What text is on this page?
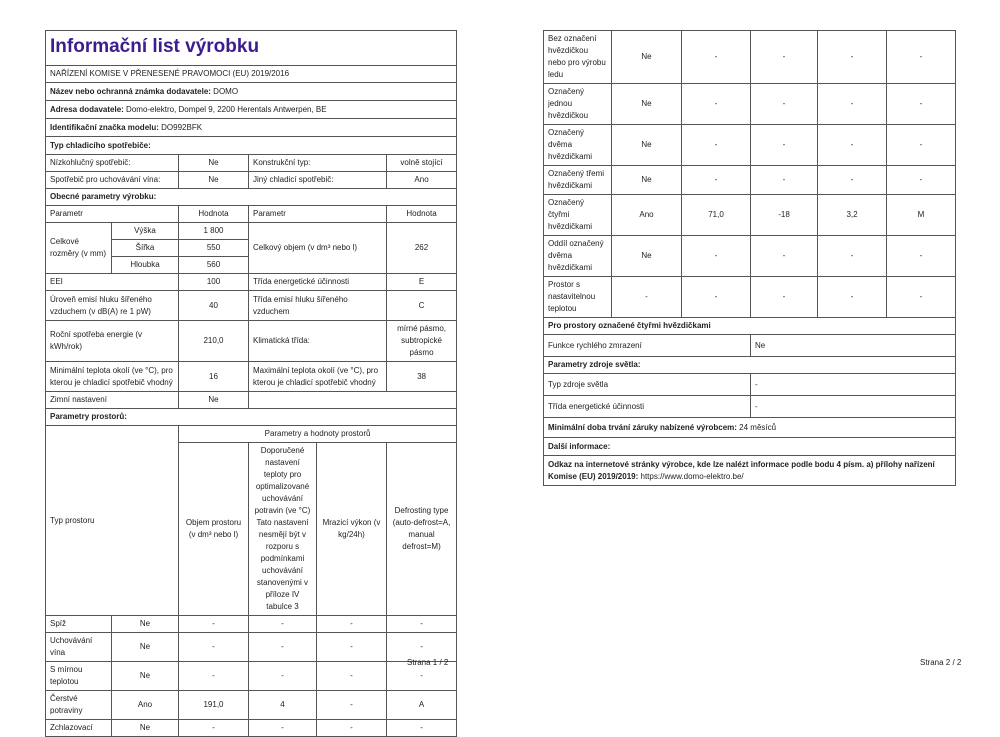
Informační list výrobku					
NAŘÍZENÍ KOMISE V PŘENESENÉ PRAVOMOCI (EU) 2019/2016					
Název nebo ochranná známka dodavatele: DOMO					
Adresa dodavatele: Domo-elektro, Dompel 9, 2200 Herentals Antwerpen, BE					
Identifikační značka modelu: DO992BFK					
Typ chladicího spotřebiče:					
Nízkohlučný spotřebič:		Ne	Konstrukční typ:		volně stojící
Spotřebič pro uchovávání vína:		Ne	Jiný chladicí spotřebič:		Ano
Obecné parametry výrobku:					
Parametr		Hodnota	Parametr		Hodnota
Celkové rozměry (v mm)	Výška	1 800	Celkový objem (v dm³ nebo l)		262
	Šířka	550			
	Hloubka	560			
EEI		100	Třída energetické účinnosti		E
Úroveň emisí hluku šířeného vzduchem (v dB(A) re 1 pW)		40	Třída emisí hluku šířeného vzduchem		C
Roční spotřeba energie (v kWh/rok)		210,0	Klimatická třída:		mírné pásmo, subtropické pásmo
Minimální teplota okolí (ve °C), pro kterou je chladicí spotřebič vhodný		16	Maximální teplota okolí (ve °C), pro kterou je chladicí spotřebič vhodný		38
Zimní nastavení		Ne			
Parametry prostorů:					
Typ prostoru		Parametry a hodnoty prostorů			
		Objem prostoru (v dm³ nebo l)	Doporučené nastavení teploty pro optimalizované uchovávání potravin (ve °C) Tato nastavení nesmějí být v rozporu s podmínkami uchovávání stanovenými v příloze IV tabulce 3	Mrazicí výkon (v kg/24h)	Defrosting type (auto-defrost=A, manual defrost=M)
Spíž	Ne	-	-	-	-
Uchovávání vína	Ne	-	-	-	-
S mírnou teplotou	Ne	-	-	-	-
Čerstvé potraviny	Ano	191,0	4	-	A
Zchlazovací	Ne	-	-	-	-
Strana 1 / 2
Bez označení hvězdičkou nebo pro výrobu ledu	Ne	-	-	-	-
Označený jednou hvězdičkou	Ne	-	-	-	-
Označený dvěma hvězdičkami	Ne	-	-	-	-
Označený třemi hvězdičkami	Ne	-	-	-	-
Označený čtyřmi hvězdičkami	Ano	71,0	-18	3,2	M
Oddíl označený dvěma hvězdičkami	Ne	-	-	-	-
Prostor s nastavitelnou teplotou	-	-	-	-	-
Pro prostory označené čtyřmi hvězdičkami					
Funkce rychlého zmrazení			Ne		
Parametry zdroje světla:					
Typ zdroje světla			-		
Třída energetické účinnosti			-		
Minimální doba trvání záruky nabízené výrobcem: 24 měsíců					
Další informace:					
Odkaz na internetové stránky výrobce, kde lze nalézt informace podle bodu 4 písm. a) přílohy nařízení Komise (EU) 2019/2019: https://www.domo-elektro.be/					
Strana 2 / 2
